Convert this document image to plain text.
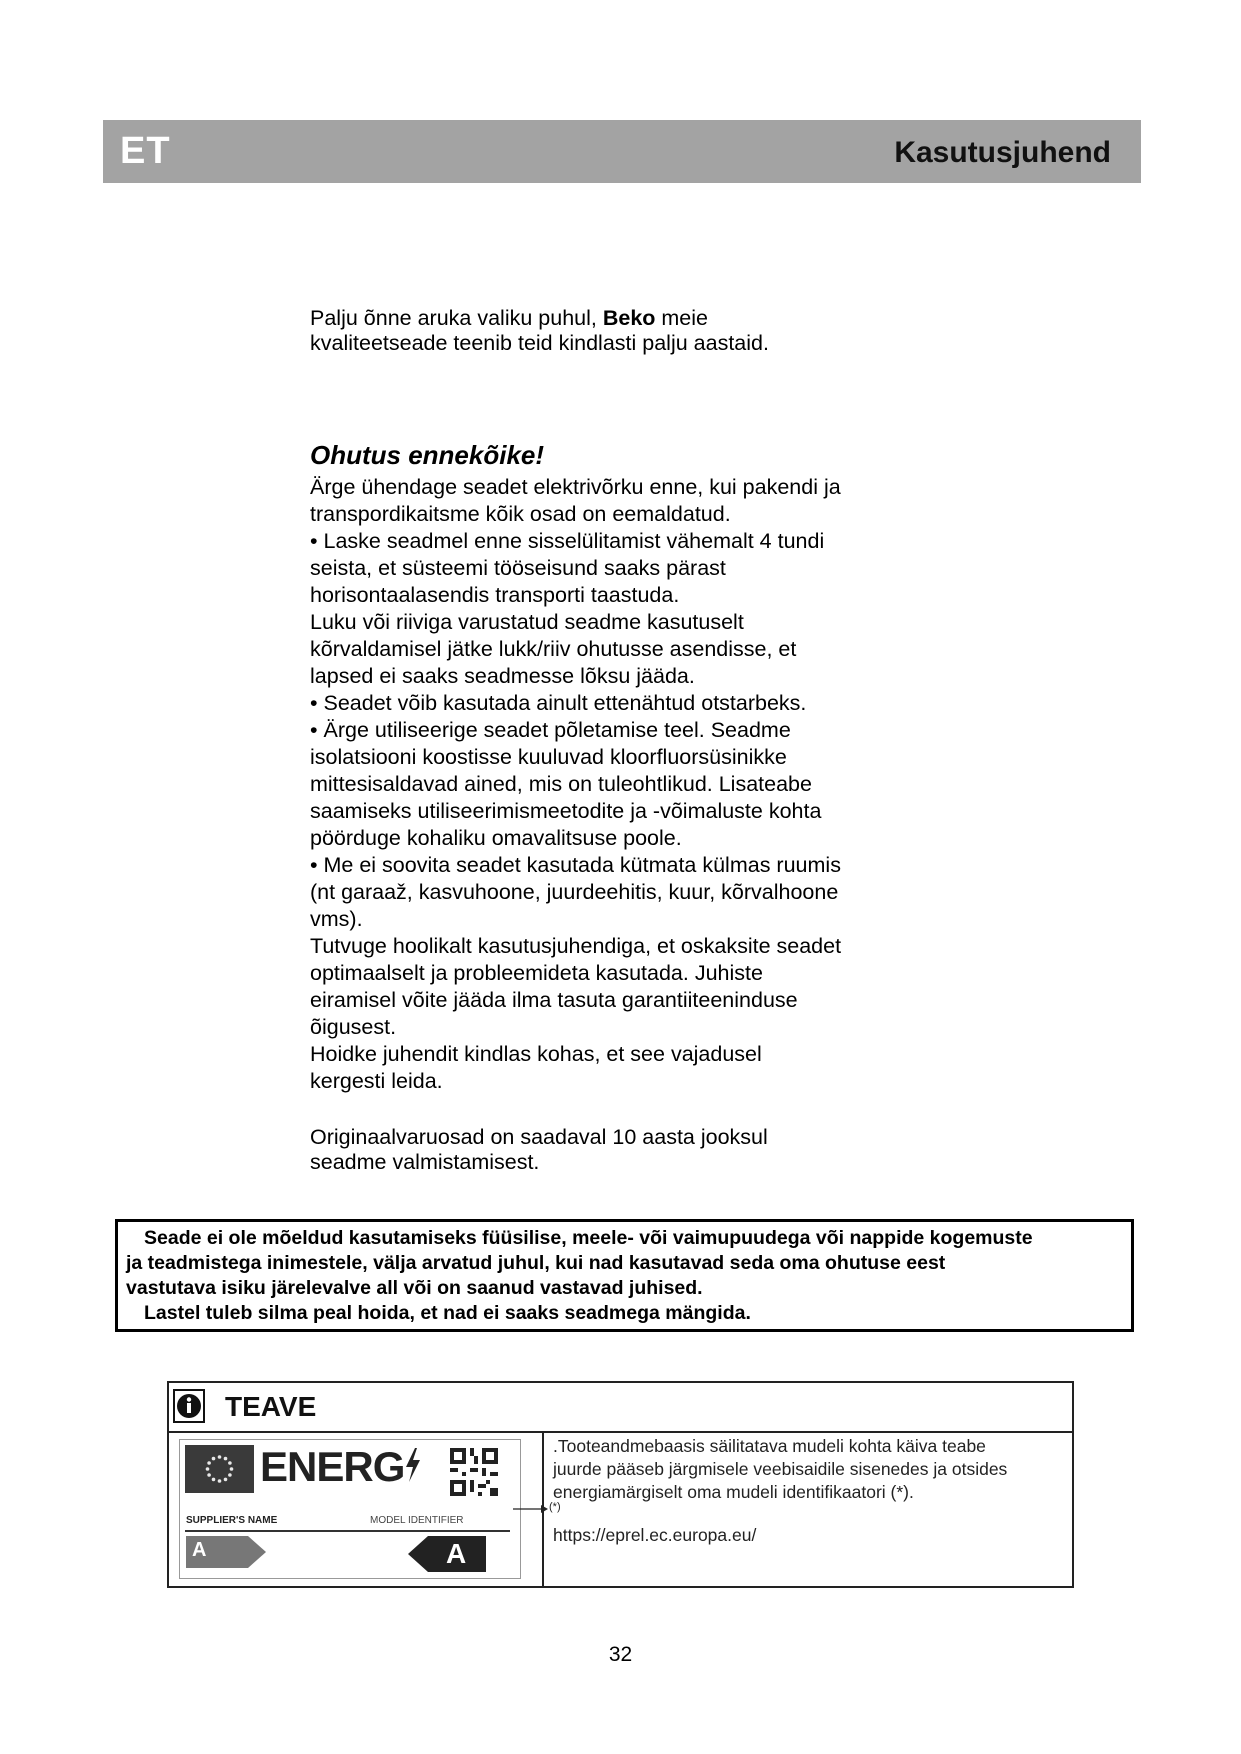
ET	Kasutusjuhend

Palju õnne aruka valiku puhul, Beko meie

kvaliteetseade teenib teid kindlasti palju aastaid.

Ohutus ennekõike!

Ärge ühendage seadet elektrivõrku enne, kui pakendi ja

transpordikaitsme kõik osad on eemaldatud.

• Laske seadmel enne sisselülitamist vähemalt 4 tundi

seista, et süsteemi tööseisund saaks pärast

horisontaalasendis transporti taastuda.

Luku või riiviga varustatud seadme kasutuselt

kõrvaldamisel jätke lukk/riiv ohutusse asendisse, et

lapsed ei saaks seadmesse lõksu jääda.

• Seadet võib kasutada ainult ettenähtud otstarbeks.

• Ärge utiliseerige seadet põletamise teel. Seadme

isolatsiooni koostisse kuuluvad kloorfluorsüsinikke

mittesisaldavad ained, mis on tuleohtlikud. Lisateabe

saamiseks utiliseerimismeetodite ja -võimaluste kohta

pöörduge kohaliku omavalitsuse poole.

• Me ei soovita seadet kasutada kütmata külmas ruumis

(nt garaaž, kasvuhoone, juurdeehitis, kuur, kõrvalhoone

vms).

Tutvuge hoolikalt kasutusjuhendiga, et oskaksite seadet

optimaalselt ja probleemideta kasutada. Juhiste

eiramisel võite jääda ilma tasuta garantiiteeninduse

õigusest.

Hoidke juhendit kindlas kohas, et see vajadusel

kergesti leida.

Originaalvaruosad on saadaval 10 aasta jooksul

seadme valmistamisest.

Seade ei ole mõeldud kasutamiseks füüsilise, meele- või vaimupuudega või nappide kogemuste

ja teadmistega inimestele, välja arvatud juhul, kui nad kasutavad seda oma ohutuse eest

vastutava isiku järelevalve all või on saanud vastavad juhised.

Lastel tuleb silma peal hoida, et nad ei saaks seadmega mängida.

TEAVE
ENERG
SUPPLIER'S NAME	MODEL IDENTIFIER
A	A
(*)

.Tooteandmebaasis säilitatava mudeli kohta käiva teabe

juurde pääseb järgmisele veebisaidile sisenedes ja otsides

energiamärgiselt oma mudeli identifikaatori (*).

https://eprel.ec.europa.eu/
32
